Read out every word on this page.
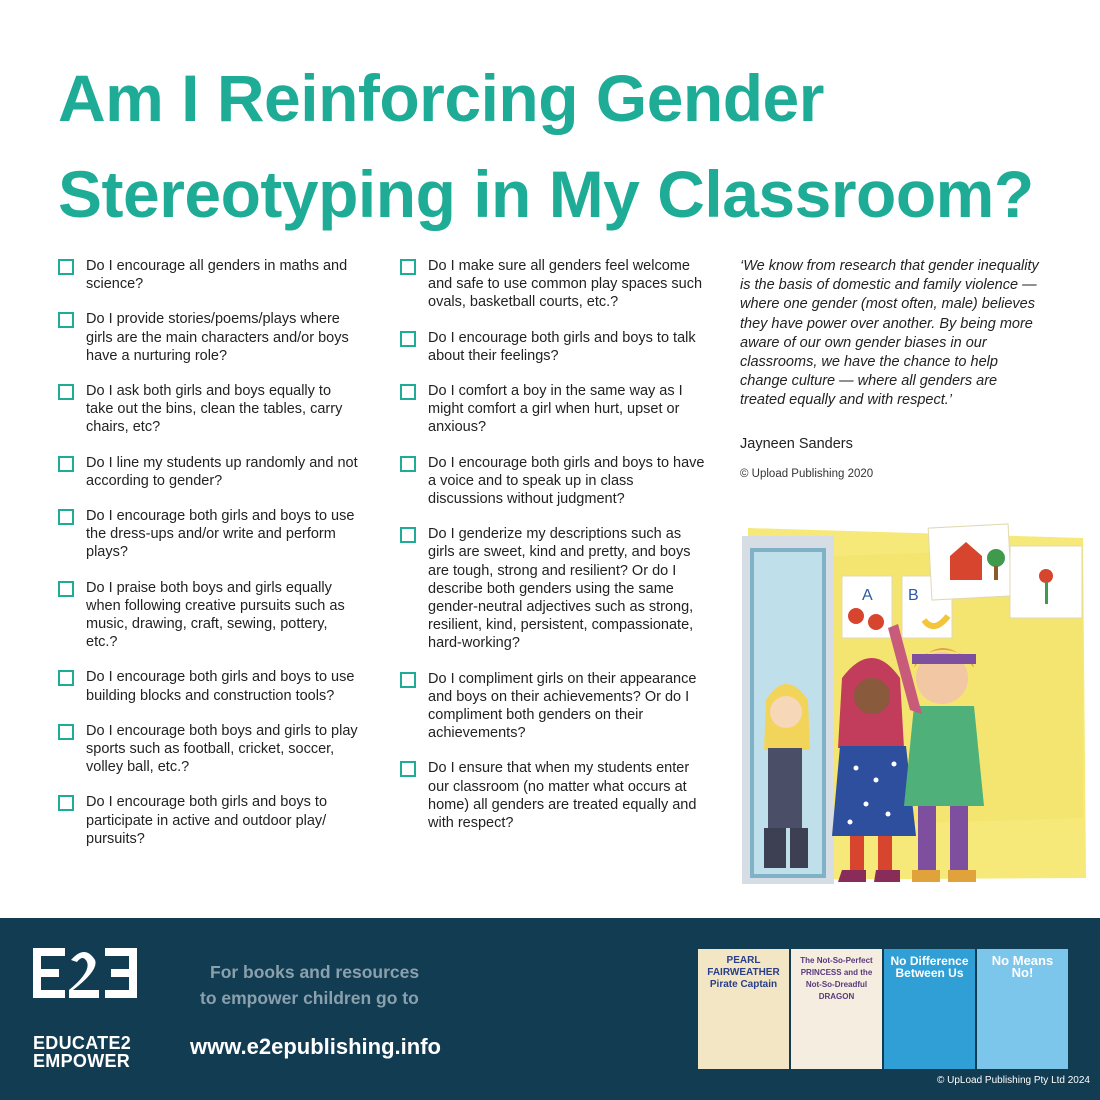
Am I Reinforcing Gender
Stereotyping in My Classroom?
Do I encourage all genders in maths and science?
Do I provide stories/poems/plays where girls are the main characters and/or boys have a nurturing role?
Do I ask both girls and boys equally to take out the bins, clean the tables, carry chairs, etc?
Do I line my students up randomly and not according to gender?
Do I encourage both girls and boys to use the dress-ups and/or write and perform plays?
Do I praise both boys and girls equally when following creative pursuits such as music, drawing, craft, sewing, pottery, etc.?
Do I encourage both girls and boys to use building blocks and construction tools?
Do I encourage both boys and girls to play sports such as football, cricket, soccer, volley ball, etc.?
Do I encourage both girls and boys to participate in active and outdoor play/ pursuits?
Do I make sure all genders feel welcome and safe to use common play spaces such ovals, basketball courts, etc.?
Do I encourage both girls and boys to talk about their feelings?
Do I comfort a boy in the same way as I might comfort a girl when hurt, upset or anxious?
Do I encourage both girls and boys to have a voice and to speak up in class discussions without judgment?
Do I genderize my descriptions such as girls are sweet, kind and pretty, and boys are tough, strong and resilient? Or do I describe both genders using the same gender-neutral adjectives such as strong, resilient, kind, persistent, compassionate, hard-working?
Do I compliment girls on their appearance and boys on their achievements? Or do I compliment both genders on their achievements?
Do I ensure that when my students enter our classroom (no matter what occurs at home) all genders are treated equally and with respect?
‘We know from research that gender inequality is the basis of domestic and family violence — where one gender (most often, male) believes they have power over another. By being more aware of our own gender biases in our classrooms, we have the chance to help change culture — where all genders are treated equally and with respect.’
Jayneen Sanders
© Upload Publishing 2020
A B
EDUCATE2
EMPOWER
For books and resources
to empower children go to
www.e2epublishing.info
PEARL FAIRWEATHER Pirate Captain
The Not-So-Perfect PRINCESS and the Not-So-Dreadful DRAGON
No Difference Between Us
No Means No!
© UpLoad Publishing Pty Ltd 2024
